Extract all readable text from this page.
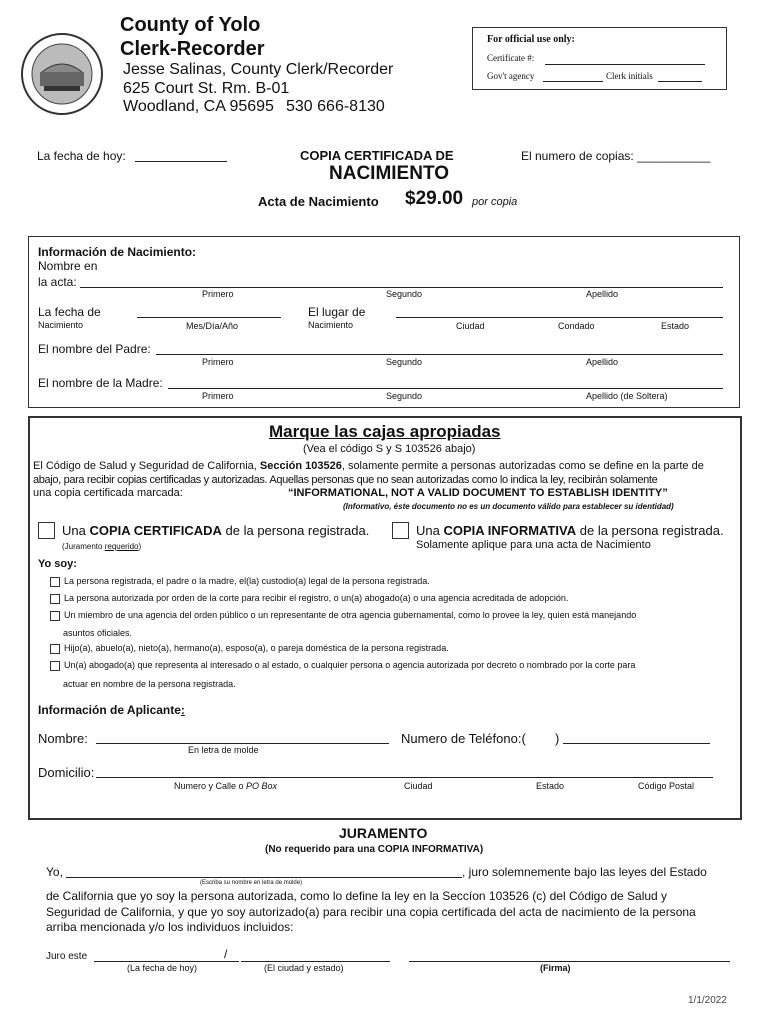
County of Yolo
Clerk-Recorder
Jesse Salinas, County Clerk/Recorder
625 Court St. Rm. B-01
Woodland, CA 95695 530 666-8130
For official use only:
Certificate #:
Gov't agency	Clerk initials
La fecha de hoy:	COPIA CERTIFICADA DE	El numero de copias: ___________
NACIMIENTO
Acta de Nacimiento $29.00 por copia
Información de Nacimiento:
Nombre en
la acta:
Primero	Segundo	Apellido
La fecha de
Nacimiento	Mes/Día/Año
El lugar de
Nacimiento	Ciudad	Condado	Estado
El nombre del Padre:
Primero	Segundo	Apellido
El nombre de la Madre:
Primero	Segundo	Apellido (de Soltera)
Marque las cajas apropiadas
(Vea el código S y S 103526 abajo)
El Código de Salud y Seguridad de California, Sección 103526, solamente permite a personas autorizadas como se define en la parte de
abajo, para recibir copias certificadas y autorizadas. Aquellas personas que no sean autorizadas como lo indica la ley, recibirán solamente
una copia certificada marcada:	“INFORMATIONAL, NOT A VALID DOCUMENT TO ESTABLISH IDENTITY”
(Informativo, éste documento no es un documento válido para establecer su identidad)
Una COPIA CERTIFICADA de la persona registrada.
(Juramento requerido)
Una COPIA INFORMATIVA de la persona registrada.
Solamente aplique para una acta de Nacimiento
Yo soy:
La persona registrada, el padre o la madre, el(la) custodio(a) legal de la persona registrada.
La persona autorizada por orden de la corte para recibir el registro, o un(a) abogado(a) o una agencia acreditada de adopción.
Un miembro de una agencia del orden público o un representante de otra agencia gubernamental, como lo provee la ley, quien está manejando
asuntos oficiales.
Hijo(a), abuelo(a), nieto(a), hermano(a), esposo(a), o pareja doméstica de la persona registrada.
Un(a) abogado(a) que representa al interesado o al estado, o cualquier persona o agencia autorizada por decreto o nombrado por la corte para
actuar en nombre de la persona registrada.
Información de Aplicante:
Nombre:
En letra de molde
Numero de Teléfono:( )
Domicilio:
Numero y Calle o PO Box	Ciudad	Estado	Código Postal
JURAMENTO
(No requerido para una COPIA INFORMATIVA)
Yo,	, juro solemnemente bajo las leyes del Estado
(Escriba su nombre en letra de molde)
de California que yo soy la persona autorizada, como lo define la ley en la Seccíon 103526 (c) del Código de Salud y
Seguridad de California, y que yo soy autorizado(a) para recibir una copia certificada del acta de nacimiento de la persona
arriba mencionada y/o los individuos incluidos:
Juro este	/
(La fecha de hoy)	(El ciudad y estado)	(Firma)
1/1/2022
